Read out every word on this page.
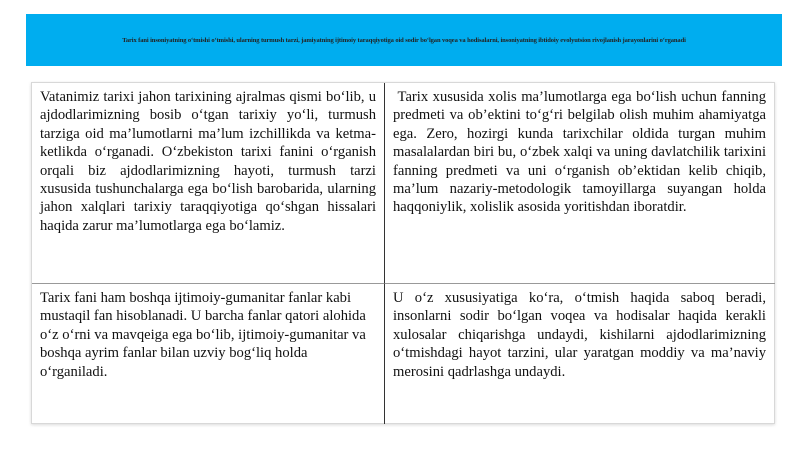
Tarix fani insoniyatning o‘tmishi o‘tmishi, ularning turmush tarzi, jamiyatning ijtimoiy taraqqiyotiga oid sodir bo‘lgan voqea va hodisalarni, insoniyatning ibtidoiy evolyutsion rivojlanish jarayonlarini o‘rganadi
Vatanimiz tarixi jahon tarixining ajralmas qismi bo‘lib, u ajdodlarimizning bosib o‘tgan tarixiy yo‘li, turmush tarziga oid ma’lumotlarni ma’lum izchillikda va ketma-ketlikda o‘rganadi. O‘zbekiston tarixi fanini o‘rganish orqali biz ajdodlarimizning hayoti, turmush tarzi xususida tushunchalarga ega bo‘lish barobarida, ularning jahon xalqlari tarixiy taraqqiyotiga qo‘shgan hissalari haqida zarur ma’lumotlarga ega bo‘lamiz.
Tarix xususida xolis ma’lumotlarga ega bo‘lish uchun fanning predmeti va ob’ektini to‘g‘ri belgilab olish muhim ahamiyatga ega. Zero, hozirgi kunda tarixchilar oldida turgan muhim masalalardan biri bu, o‘zbek xalqi va uning davlatchilik tarixini fanning predmeti va uni o‘rganish ob’ektidan kelib chiqib, ma’lum nazariy-metodologik tamoyillarga suyangan holda haqqoniylik, xolislik asosida yoritishdan iboratdir.
Tarix fani ham boshqa ijtimoiy-gumanitar fanlar kabi mustaqil fan hisoblanadi. U barcha fanlar qatori alohida o‘z o‘rni va mavqeiga ega bo‘lib, ijtimoiy-gumanitar va boshqa ayrim fanlar bilan uzviy bog‘liq holda o‘rganiladi.
U o‘z xususiyatiga ko‘ra, o‘tmish haqida saboq beradi, insonlarni sodir bo‘lgan voqea va hodisalar haqida kerakli xulosalar chiqarishga undaydi, kishilarni ajdodlarimizning o‘tmishdagi hayot tarzini, ular yaratgan moddiy va ma’naviy merosini qadrlashga undaydi.
